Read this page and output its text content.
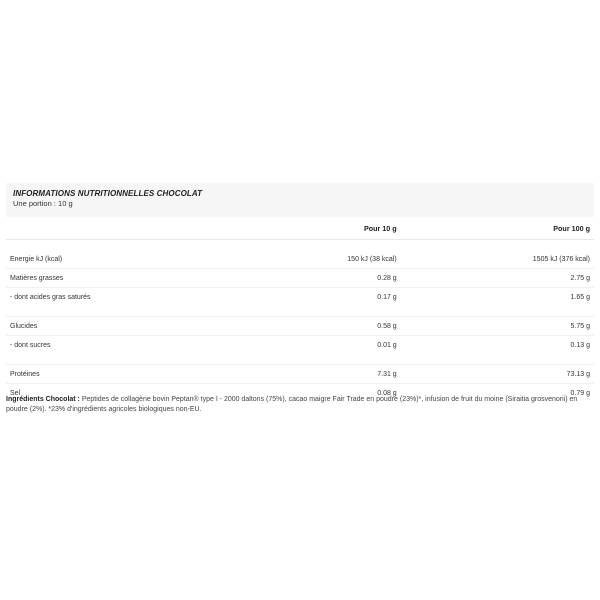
INFORMATIONS NUTRITIONNELLES CHOCOLAT
Une portion : 10 g
	Pour 10 g	Pour 100 g

Energie kJ (kcal)	150 kJ (38 kcal)	1505 kJ (376 kcal)
Matières grasses	0.28 g	2.75 g
- dont acides gras saturés	0.17 g	1.65 g

Glucides	0.58 g	5.75 g
- dont sucres	0.01 g	0.13 g

Protéines	7.31 g	73.13 g
Sel	0.08 g	0.79 g
Ingrédients Chocolat : Peptides de collagène bovin Peptan® type I - 2000 daltons (75%), cacao maigre Fair Trade en poudre (23%)*, infusion de fruit du moine (Siraitia grosvenorii) en poudre (2%). *23% d'ingrédients agricoles biologiques non-EU.
